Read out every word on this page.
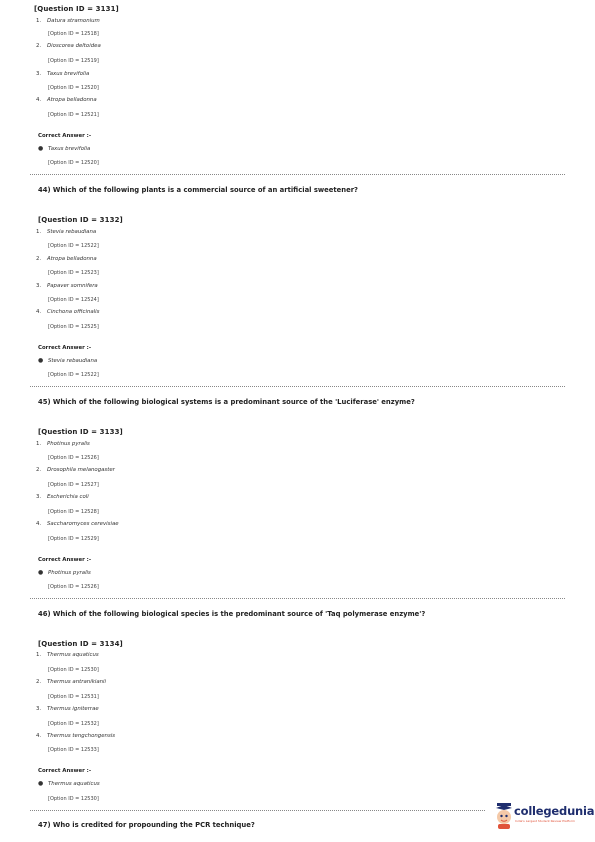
[Question ID = 3131]
1. Datura stramonium
[Option ID = 12518]
2. Dioscorea deltoidea
[Option ID = 12519]
3. Taxus brevifolia
[Option ID = 12520]
4. Atropa belladonna
[Option ID = 12521]
Correct Answer :-
● Taxus brevifolia
[Option ID = 12520]
44) Which of the following plants is a commercial source of an artificial sweetener?
[Question ID = 3132]
1. Stevia rebaudiana
[Option ID = 12522]
2. Atropa belladonna
[Option ID = 12523]
3. Papaver somnifera
[Option ID = 12524]
4. Cinchona officinalis
[Option ID = 12525]
Correct Answer :-
● Stevia rebaudiana
[Option ID = 12522]
45) Which of the following biological systems is a predominant source of the 'Luciferase' enzyme?
[Question ID = 3133]
1. Photinus pyralis
[Option ID = 12526]
2. Drosophila melanogaster
[Option ID = 12527]
3. Escherichia coli
[Option ID = 12528]
4. Saccharomyces cerevisiae
[Option ID = 12529]
Correct Answer :-
● Photinus pyralis
[Option ID = 12526]
46) Which of the following biological species is the predominant source of 'Taq polymerase enzyme'?
[Question ID = 3134]
1. Thermus aquaticus
[Option ID = 12530]
2. Thermus antranikianii
[Option ID = 12531]
3. Thermus igniterrae
[Option ID = 12532]
4. Thermus tengchongensis
[Option ID = 12533]
Correct Answer :-
● Thermus aquaticus
[Option ID = 12530]
47) Who is credited for propounding the PCR technique?
collegedunia
India's Largest Student Review Platform
